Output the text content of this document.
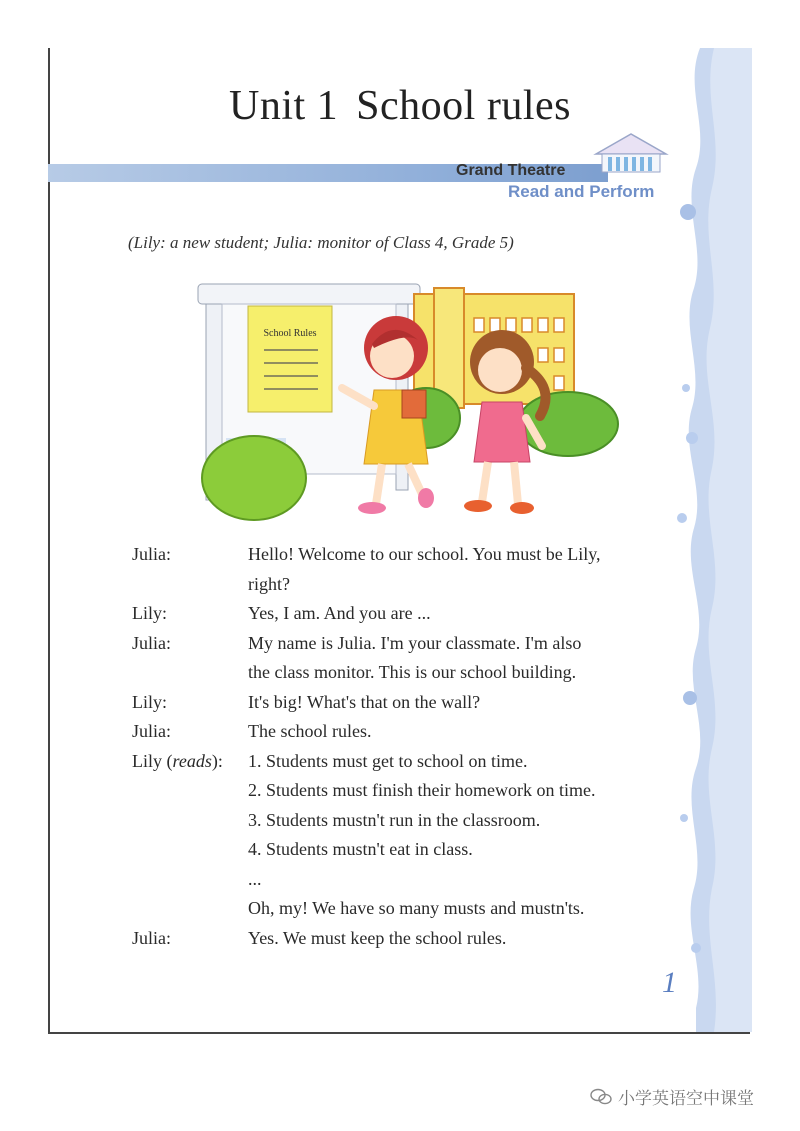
Unit 1 School rules
Grand Theatre
Read and Perform
(Lily: a new student; Julia: monitor of Class 4, Grade 5)
School Rules
Julia:	Hello! Welcome to our school. You must be Lily,
right?
Lily:	Yes, I am. And you are ...
Julia:	My name is Julia. I'm your classmate. I'm also
the class monitor. This is our school building.
Lily:	It's big! What's that on the wall?
Julia:	The school rules.
Lily (reads): 1. Students must get to school on time.
2. Students must finish their homework on time.
3. Students mustn't run in the classroom.
4. Students mustn't eat in class.
...
Oh, my! We have so many musts and mustn'ts.
Julia:	Yes. We must keep the school rules.
1
小学英语空中课堂
